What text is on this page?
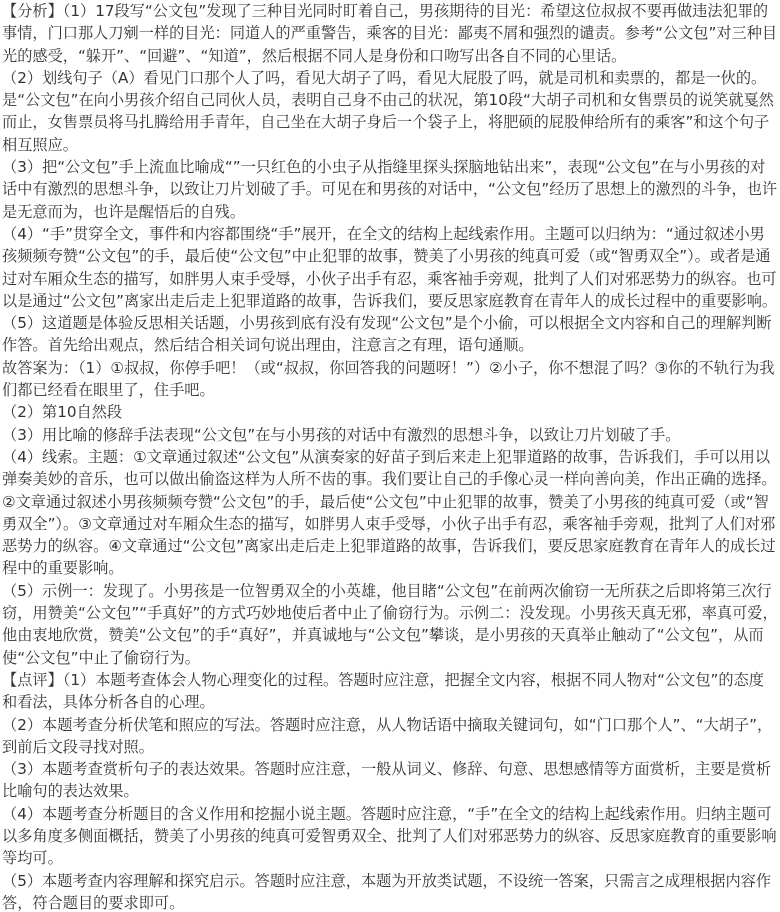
【分析】（1）17段写“公文包”发现了三种目光同时盯着自己，男孩期待的目光：希望这位叔叔不要再做违法犯罪的事情，门口那人刀剜一样的目光：同道人的严重警告，乘客的目光：鄙夷不屑和强烈的谴责。参考“公文包”对三种目光的感受，“躲开”、“回避”、“知道”，然后根据不同人是身份和口吻写出各自不同的心里话。

（2）划线句子（A）看见门口那个人了吗，看见大胡子了吗，看见大屁股了吗，就是司机和卖票的，都是一伙的。是“公文包”在向小男孩介绍自己同伙人员，表明自己身不由己的状况，第10段“大胡子司机和女售票员的说笑就戛然而止，女售票员将马扎腾给用手青年，自己坐在大胡子身后一个袋子上，将肥硕的屁股伸给所有的乘客”和这个句子相互照应。

（3）把“公文包”手上流血比喻成“”一只红色的小虫子从指缝里探头探脑地钻出来”，表现“公文包”在与小男孩的对话中有激烈的思想斗争，以致让刀片划破了手。可见在和男孩的对话中，“公文包”经历了思想上的激烈的斗争，也许是无意而为，也许是醒悟后的自残。

（4）“手”贯穿全文，事件和内容都围绕“手”展开，在全文的结构上起线索作用。主题可以归纳为：“通过叙述小男孩频频夸赞“公文包”的手，最后使“公文包”中止犯罪的故事，赞美了小男孩的纯真可爱（或“智勇双全”）。或者是通过对车厢众生态的描写，如胖男人束手受辱，小伙子出手有忍，乘客袖手旁观，批判了人们对邪恶势力的纵容。也可以是通过“公文包”离家出走后走上犯罪道路的故事，告诉我们，要反思家庭教育在青年人的成长过程中的重要影响。

（5）这道题是体验反思相关话题，小男孩到底有没有发现“公文包”是个小偷，可以根据全文内容和自己的理解判断作答。首先给出观点，然后结合相关词句说出理由，注意言之有理，语句通顺。

故答案为：（1）①叔叔，你停手吧！（或“叔叔，你回答我的问题呀！”）②小子，你不想混了吗？③你的不轨行为我们都已经看在眼里了，住手吧。

（2）第10自然段

（3）用比喻的修辞手法表现“公文包”在与小男孩的对话中有激烈的思想斗争，以致让刀片划破了手。

（4）线索。主题：①文章通过叙述“公文包”从演奏家的好苗子到后来走上犯罪道路的故事，告诉我们，手可以用以弹奏美妙的音乐，也可以做出偷盗这样为人所不齿的事。我们要让自己的手像心灵一样向善向美，作出正确的选择。②文章通过叙述小男孩频频夸赞“公文包”的手，最后使“公文包”中止犯罪的故事，赞美了小男孩的纯真可爱（或“智勇双全”）。③文章通过对车厢众生态的描写，如胖男人束手受辱，小伙子出手有忍，乘客袖手旁观，批判了人们对邪恶势力的纵容。④文章通过“公文包”离家出走后走上犯罪道路的故事，告诉我们，要反思家庭教育在青年人的成长过程中的重要影响。

（5）示例一：发现了。小男孩是一位智勇双全的小英雄，他目睹“公文包”在前两次偷窃一无所获之后即将第三次行窃，用赞美“公文包”“手真好”的方式巧妙地使后者中止了偷窃行为。示例二：没发现。小男孩天真无邪，率真可爱，他由衷地欣赏，赞美“公文包”的手“真好”，并真诚地与“公文包”攀谈，是小男孩的天真举止触动了“公文包”，从而使“公文包”中止了偷窃行为。

【点评】（1）本题考查体会人物心理变化的过程。答题时应注意，把握全文内容，根据不同人物对“公文包”的态度和看法，具体分析各自的心理。

（2）本题考查分析伏笔和照应的写法。答题时应注意，从人物话语中摘取关键词句，如“门口那个人”、“大胡子”，到前后文段寻找对照。

（3）本题考查赏析句子的表达效果。答题时应注意，一般从词义、修辞、句意、思想感情等方面赏析，主要是赏析比喻句的表达效果。

（4）本题考查分析题目的含义作用和挖掘小说主题。答题时应注意，“手”在全文的结构上起线索作用。归纳主题可以多角度多侧面概括，赞美了小男孩的纯真可爱智勇双全、批判了人们对邪恶势力的纵容、反思家庭教育的重要影响等均可。

（5）本题考查内容理解和探究启示。答题时应注意，本题为开放类试题，不设统一答案，只需言之成理根据内容作答，符合题目的要求即可。
